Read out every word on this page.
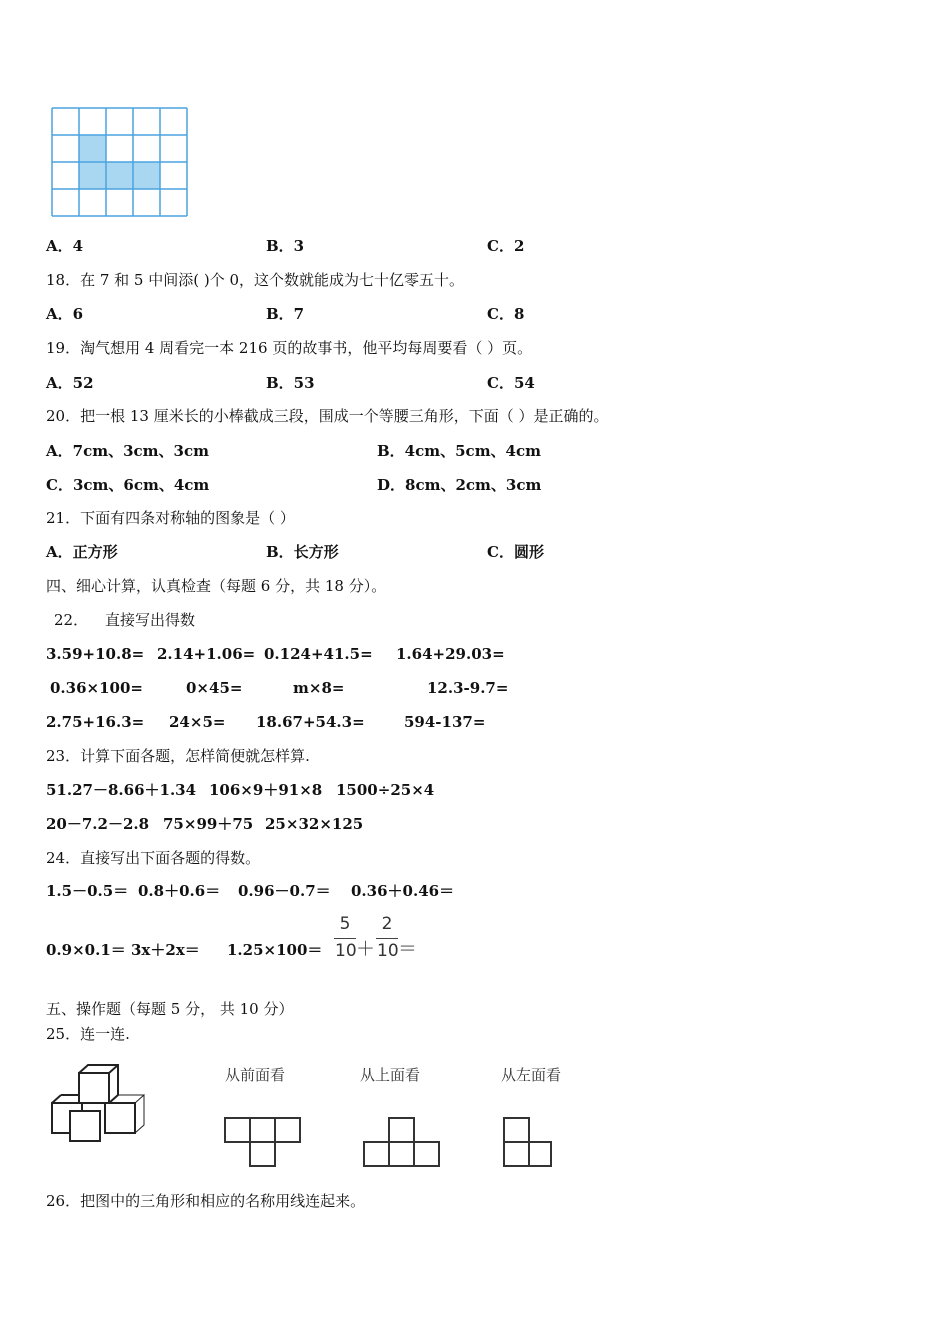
A．4	B．3	C．2
18．在 7 和 5 中间添( )个 0，这个数就能成为七十亿零五十。
A．6	B．7	C．8
19．淘气想用 4 周看完一本 216 页的故事书，他平均每周要看（ ）页。
A．52	B．53	C．54
20．把一根 13 厘米长的小棒截成三段，围成一个等腰三角形，下面（ ）是正确的。
A．7cm、3cm、3cm	B．4cm、5cm、4cm
C．3cm、6cm、4cm	D．8cm、2cm、3cm
21．下面有四条对称轴的图象是（ ）
A．正方形	B．长方形	C．圆形
四、细心计算，认真检查（每题 6 分，共 18 分）。
22． 直接写出得数
3.59+10.8= 2.14+1.06= 0.124+41.5= 1.64+29.03=
0.36×100=	0×45=	m×8=	12.3-9.7=
2.75+16.3= 24×5= 18.67+54.3=	594-137=
23．计算下面各题，怎样简便就怎样算.
51.27－8.66＋1.34 106×9＋91×8 1500÷25×4
20－7.2－2.8 75×99＋75 25×32×125
24．直接写出下面各题的得数。
1.5－0.5＝ 0.8＋0.6＝ 0.96－0.7＝ 0.36＋0.46＝
0.9×0.1＝ 3x＋2x＝ 1.25×100＝
5
10 ＋
2
10 ＝
五、操作题（每题 5 分， 共 10 分）
25．连一连.
从前面看	从上面看	从左面看
26．把图中的三角形和相应的名称用线连起来。
